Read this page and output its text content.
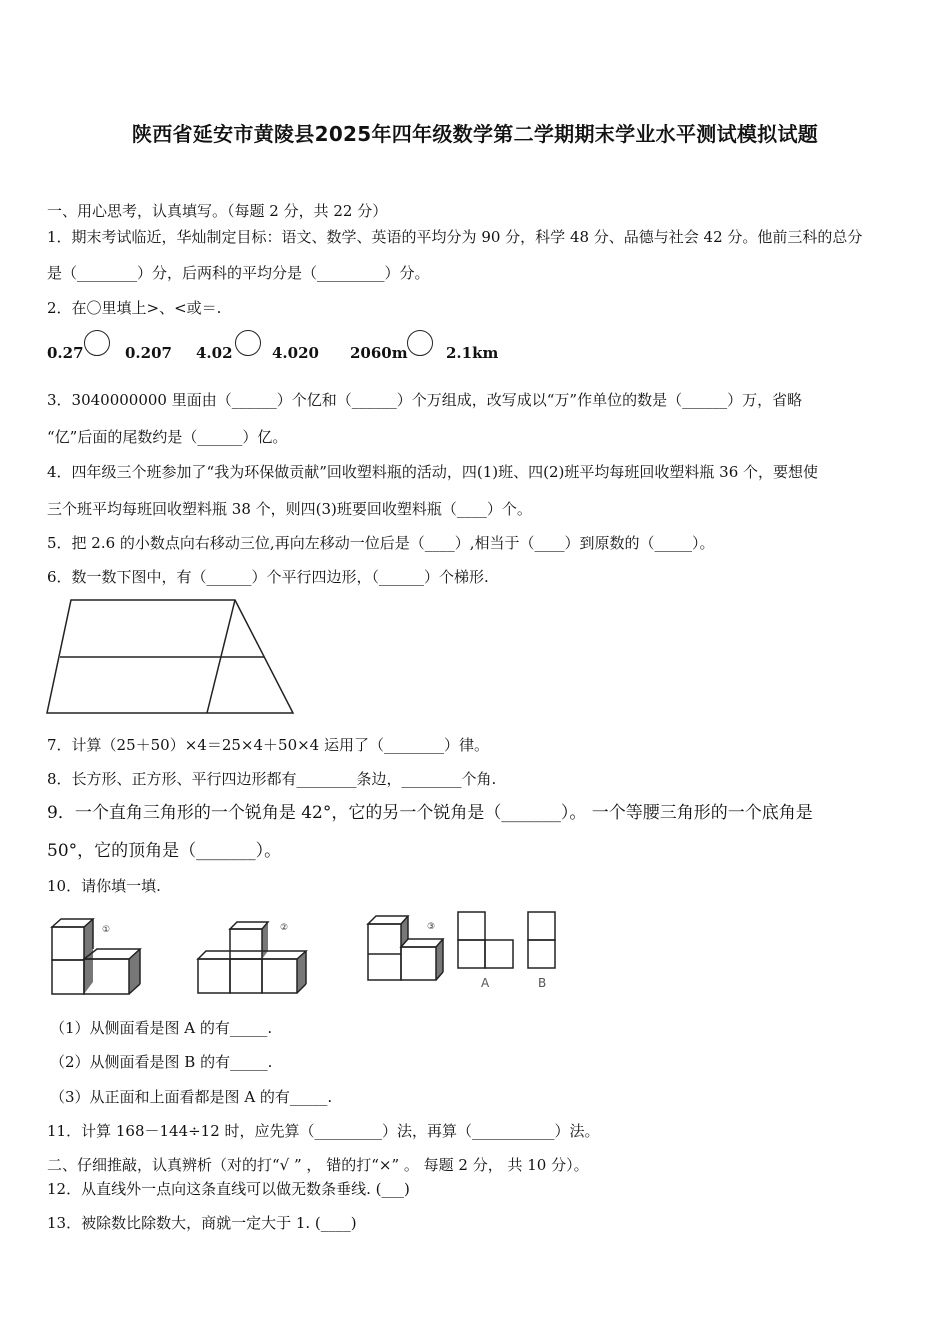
陕西省延安市黄陵县2025年四年级数学第二学期期末学业水平测试模拟试题
一、用心思考，认真填写。（每题 2 分，共 22 分）
1．期末考试临近，华灿制定目标：语文、数学、英语的平均分为 90 分，科学 48 分、品德与社会 42 分。他前三科的总分
是（________）分，后两科的平均分是（_________）分。
2．在〇里填上>、<或＝.
0.27	0.207 4.02	4.020 2060m	2.1km
3．3040000000 里面由（______）个亿和（______）个万组成，改写成以“万”作单位的数是（______）万，省略
“亿”后面的尾数约是（______）亿。
4．四年级三个班参加了“我为环保做贡献”回收塑料瓶的活动，四(1)班、四(2)班平均每班回收塑料瓶 36 个，要想使
三个班平均每班回收塑料瓶 38 个，则四(3)班要回收塑料瓶（____）个。
5．把 2.6 的小数点向右移动三位,再向左移动一位后是（____）,相当于（____）到原数的（_____）。
6．数一数下图中，有（______）个平行四边形，（______）个梯形.
7．计算（25＋50）×4＝25×4＋50×4 运用了（________）律。
8．长方形、正方形、平行四边形都有________条边，________个角.
9．一个直角三角形的一个锐角是 42°，它的另一个锐角是（_______）。 一个等腰三角形的一个底角是
50°，它的顶角是（_______）。
10．请你填一填.
①	②	③
A	B
（1）从侧面看是图 A 的有_____.
（2）从侧面看是图 B 的有_____.
（3）从正面和上面看都是图 A 的有_____.
11．计算 168－144÷12 时，应先算（_________）法，再算（___________）法。
二、仔细推敲，认真辨析（对的打“√ ” ， 错的打“×” 。 每题 2 分， 共 10 分）。
12．从直线外一点向这条直线可以做无数条垂线. (___)
13．被除数比除数大，商就一定大于 1. (____)
